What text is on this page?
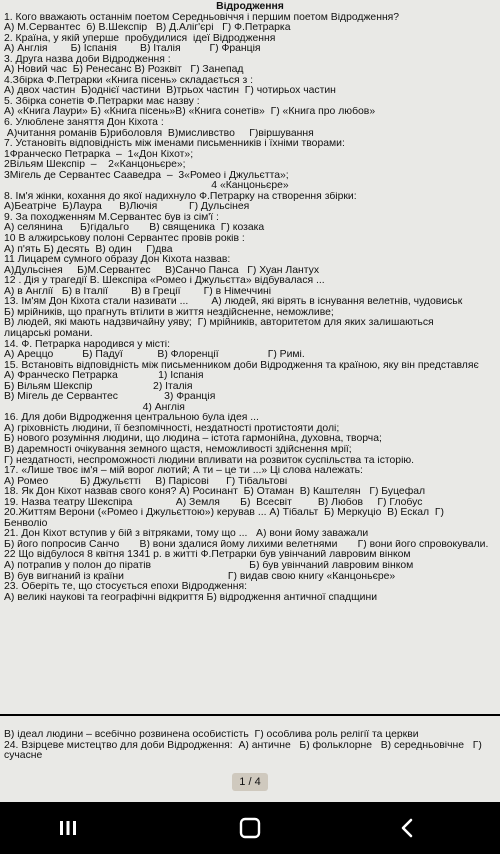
Відродження
1. Кого вважають останнім поетом Середньовіччя і першим поетом Відродження?
А) М.Сервантес  б) В.Шекспір   В) Д.Аліг'єрі   Г) Ф.Петрарка
2. Країна, у якій уперше  пробудилися  ідеї Відродження
А) Англія        Б) Іспанія        В) Італія          Г) Франція
3. Друга назва доби Відродження :
А) Новий час  Б) Ренесанс В) Розквіт   Г) Занепад
4.Збірка Ф.Петрарки «Книга пісень» складається з :
А) двох частин  Б)однієї частини  В)трьох частин  Г) чотирьох частин
5. Збірка сонетів Ф.Петрарки має назву :
А) «Книга Лаури» Б) «Книга пісень»В) «Книга сонетів»  Г) «Книга про любов»
6. Улюблене заняття Дон Кіхота :
А)читання романів Б)риболовля  В)мисливство     Г)віршування
7. Установіть відповідність між іменами письменників і їхніми творами:
1Франческо Петрарка  –  1«Дон Кіхот»;
2Вільям Шекспір  –    2«Канцоньєре»;
3Мігель де Сервантес Сааведра  –  3«Ромео і Джульєтта»;
4 «Канцоньєре»
8. Ім'я жінки, кохання до якої надихнуло Ф.Петрарку на створення збірки:
А)Беатріче  Б)Лаура      В)Лючія           Г) Дульсінея
9. За походженням М.Сервантес був із сім'ї :
А) селянина      Б)гідальго       В) священика  Г) козака
10 В алжирськову полоні Сервантес провів років :
А) п'ять Б) десять  В) один     Г)два
11 Лицарем сумного образу Дон Кіхота назвав:
А)Дульсінея     Б)М.Сервантес     В)Санчо Панса   Г) Хуан Лантух
12 . Дія у трагедії В. Шекспіра «Ромео і Джульєтта» відбувалася ...
А) в Англії   Б) в Італії        В) в Греції        Г) в Німеччині
13. Ім'ям Дон Кіхота стали називати ...        А) людей, які вірять в існування велетнів, чудовиськ
Б) мрійників, що прагнуть втілити в життя нездійсненне, неможливе;
В) людей, які мають надзвичайну уяву;  Г) мрійників, авторитетом для яких залишаються
лицарські романи.
14. Ф. Петрарка народився у місті:
А) Ареццо          Б) Падуї            В) Флоренції                 Г) Римі.
15. Встановіть відповідність між письменником доби Відродження та країною, яку він представляє
А) Франческо Петрарка              1) Іспанія
Б) Вільям Шекспір                     2) Італія
В) Мігель де Сервантес                3) Франція
4) Англія
16. Для доби Відродження центральною була ідея ...
А) гріховність людини, її безпомічності, нездатності протистояти долі;
Б) нового розуміння людини, що людина – істота гармонійна, духовна, творча;
В) даремності очікування земного щастя, неможливості здійснення мрії;
Г) нездатності, неспроможності людини впливати на розвиток суспільства та історію.
17. «Лише твоє ім'я – мій ворог лютий; А ти – це ти ...» Ці слова належать:
А) Ромео           Б) Джульєтті     В) Парісові      Г) Тібальтові
18. Як Дон Кіхот назвав свого коня? А) Росинант  Б) Отаман  В) Каштелян   Г) Буцефал
19. Назва театру Шекспіра               А) Земля       Б)  Всесвіт         В) Любов     Г) Глобус
20.Життям Верони («Ромео і Джульєттою») керував ... А) Тібальт  Б) Меркуціо  В) Ескал  Г)
Бенволіо
21. Дон Кіхот вступив у бій з вітряками, тому що ...   А) вони йому заважали
Б) його попросив Санчо       В) вони здалися йому лихими велетнями       Г) вони його спровокували.
22 Що відбулося 8 квітня 1341 р. в житті Ф.Петрарки був увінчаний лавровим вінком
А) потрапив у полон до піратів                                  Б) був увінчаний лавровим вінком
В) був вигнаний із країни                                    Г) видав свою книгу «Канцоньєре»
23. Оберіть те, що стосується епохи Відродження:
А) великі наукові та географічні відкриття Б) відродження античної спадщини
В) ідеал людини – всебічно розвинена особистість  Г) особлива роль релігії та церкви
24. Взірцеве мистецтво для доби Відродження:  А) античне   Б) фольклорне   В) середньовічне   Г)
сучасне
1 / 4
